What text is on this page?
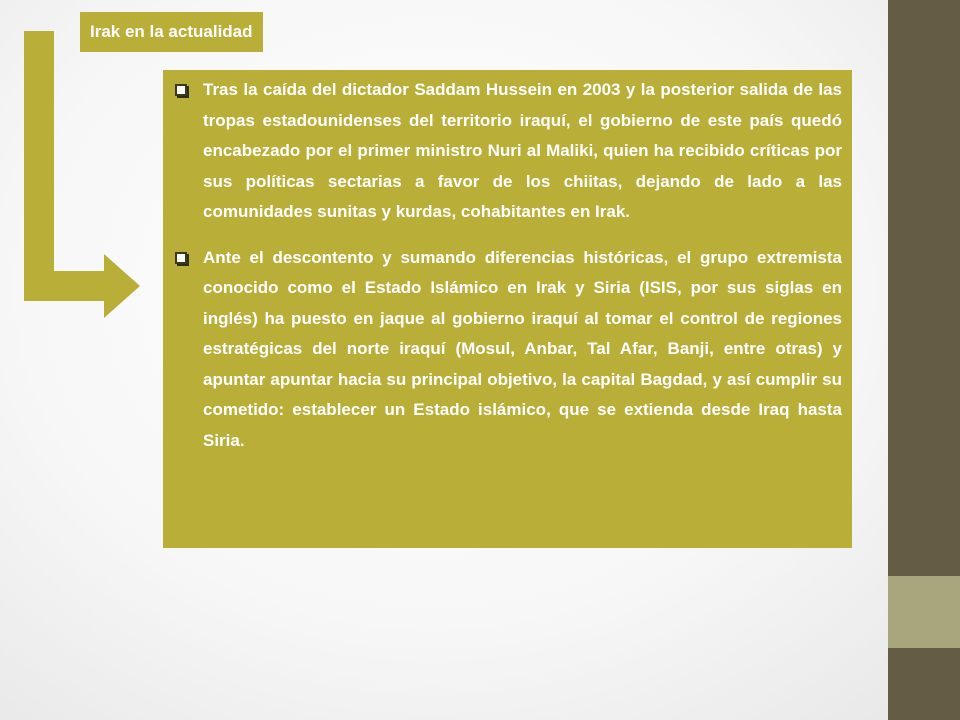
Irak en la actualidad

Tras la caída del dictador Saddam Hussein en 2003 y la posterior salida de las tropas estadounidenses del territorio iraquí, el gobierno de este país quedó encabezado por el primer ministro Nuri al Maliki, quien ha recibido críticas por sus políticas sectarias a favor de los chiitas, dejando de lado a las comunidades sunitas y kurdas, cohabitantes en Irak.

Ante el descontento y sumando diferencias históricas, el grupo extremista conocido como el Estado Islámico en Irak y Siria (ISIS, por sus siglas en inglés) ha puesto en jaque al gobierno iraquí al tomar el control de regiones estratégicas del norte iraquí (Mosul, Anbar, Tal Afar, Banji, entre otras) y apuntar apuntar hacia su principal objetivo, la capital Bagdad, y así cumplir su cometido: establecer un Estado islámico, que se extienda desde Iraq hasta Siria.
